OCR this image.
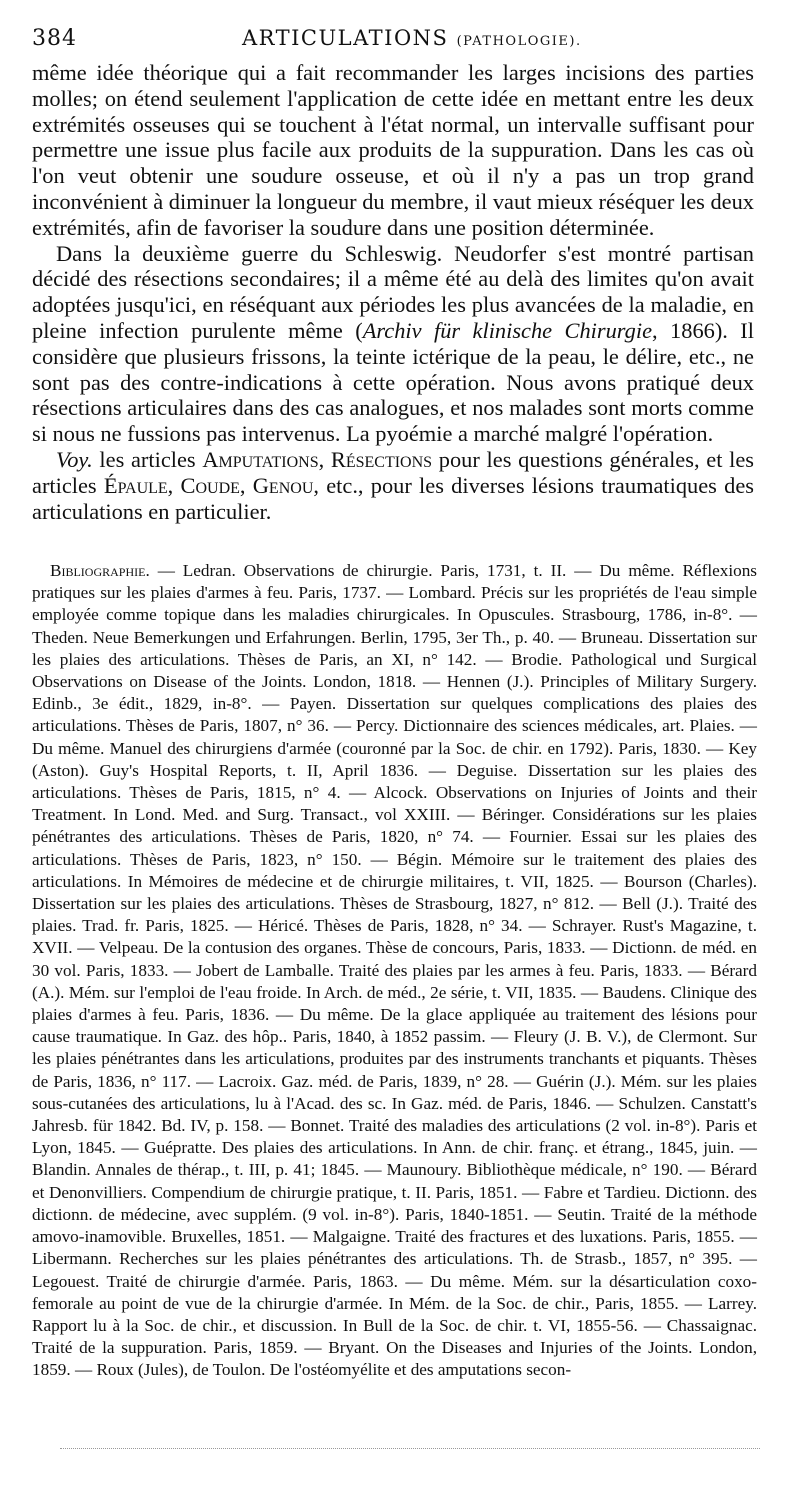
384	ARTICULATIONS (PATHOLOGIE).

même idée théorique qui a fait recommander les larges incisions des parties molles; on étend seulement l'application de cette idée en mettant entre les deux extrémités osseuses qui se touchent à l'état normal, un intervalle suffisant pour permettre une issue plus facile aux produits de la suppuration. Dans les cas où l'on veut obtenir une soudure osseuse, et où il n'y a pas un trop grand inconvénient à diminuer la longueur du membre, il vaut mieux réséquer les deux extrémités, afin de favoriser la soudure dans une position déterminée.

Dans la deuxième guerre du Schleswig. Neudorfer s'est montré partisan décidé des résections secondaires; il a même été au delà des limites qu'on avait adoptées jusqu'ici, en réséquant aux périodes les plus avancées de la maladie, en pleine infection purulente même (Archiv für klinische Chirurgie, 1866). Il considère que plusieurs frissons, la teinte ictérique de la peau, le délire, etc., ne sont pas des contre-indications à cette opération. Nous avons pratiqué deux résections articulaires dans des cas analogues, et nos malades sont morts comme si nous ne fussions pas intervenus. La pyoémie a marché malgré l'opération.

Voy. les articles Amputations, Résections pour les questions générales, et les articles Épaule, Coude, Genou, etc., pour les diverses lésions traumatiques des articulations en particulier.

Bibliographie. — Ledran. Observations de chirurgie. Paris, 1731, t. II. — Du même. Réflexions pratiques sur les plaies d'armes à feu. Paris, 1737. — Lombard. Précis sur les propriétés de l'eau simple employée comme topique dans les maladies chirurgicales. In Opuscules. Strasbourg, 1786, in-8°. — Theden. Neue Bemerkungen und Erfahrungen. Berlin, 1795, 3er Th., p. 40. — Bruneau. Dissertation sur les plaies des articulations. Thèses de Paris, an XI, n° 142. — Brodie. Pathological und Surgical Observations on Disease of the Joints. London, 1818. — Hennen (J.). Principles of Military Surgery. Edinb., 3e édit., 1829, in-8°. — Payen. Dissertation sur quelques complications des plaies des articulations. Thèses de Paris, 1807, n° 36. — Percy. Dictionnaire des sciences médicales, art. Plaies. — Du même. Manuel des chirurgiens d'armée (couronné par la Soc. de chir. en 1792). Paris, 1830. — Key (Aston). Guy's Hospital Reports, t. II, April 1836. — Deguise. Dissertation sur les plaies des articulations. Thèses de Paris, 1815, n° 4. — Alcock. Observations on Injuries of Joints and their Treatment. In Lond. Med. and Surg. Transact., vol XXIII. — Béringer. Considérations sur les plaies pénétrantes des articulations. Thèses de Paris, 1820, n° 74. — Fournier. Essai sur les plaies des articulations. Thèses de Paris, 1823, n° 150. — Bégin. Mémoire sur le traitement des plaies des articulations. In Mémoires de médecine et de chirurgie militaires, t. VII, 1825. — Bourson (Charles). Dissertation sur les plaies des articulations. Thèses de Strasbourg, 1827, n° 812. — Bell (J.). Traité des plaies. Trad. fr. Paris, 1825. — Héricé. Thèses de Paris, 1828, n° 34. — Schrayer. Rust's Magazine, t. XVII. — Velpeau. De la contusion des organes. Thèse de concours, Paris, 1833. — Dictionn. de méd. en 30 vol. Paris, 1833. — Jobert de Lamballe. Traité des plaies par les armes à feu. Paris, 1833. — Bérard (A.). Mém. sur l'emploi de l'eau froide. In Arch. de méd., 2e série, t. VII, 1835. — Baudens. Clinique des plaies d'armes à feu. Paris, 1836. — Du même. De la glace appliquée au traitement des lésions pour cause traumatique. In Gaz. des hôp.. Paris, 1840, à 1852 passim. — Fleury (J. B. V.), de Clermont. Sur les plaies pénétrantes dans les articulations, produites par des instruments tranchants et piquants. Thèses de Paris, 1836, n° 117. — Lacroix. Gaz. méd. de Paris, 1839, n° 28. — Guérin (J.). Mém. sur les plaies sous-cutanées des articulations, lu à l'Acad. des sc. In Gaz. méd. de Paris, 1846. — Schulzen. Canstatt's Jahresb. für 1842. Bd. IV, p. 158. — Bonnet. Traité des maladies des articulations (2 vol. in-8°). Paris et Lyon, 1845. — Guépratte. Des plaies des articulations. In Ann. de chir. franç. et étrang., 1845, juin. — Blandin. Annales de thérap., t. III, p. 41; 1845. — Maunoury. Bibliothèque médicale, n° 190. — Bérard et Denonvilliers. Compendium de chirurgie pratique, t. II. Paris, 1851. — Fabre et Tardieu. Dictionn. des dictionn. de médecine, avec supplém. (9 vol. in-8°). Paris, 1840-1851. — Seutin. Traité de la méthode amovo-inamovible. Bruxelles, 1851. — Malgaigne. Traité des fractures et des luxations. Paris, 1855. — Libermann. Recherches sur les plaies pénétrantes des articulations. Th. de Strasb., 1857, n° 395. — Legouest. Traité de chirurgie d'armée. Paris, 1863. — Du même. Mém. sur la désarticulation coxo-femorale au point de vue de la chirurgie d'armée. In Mém. de la Soc. de chir., Paris, 1855. — Larrey. Rapport lu à la Soc. de chir., et discussion. In Bull de la Soc. de chir. t. VI, 1855-56. — Chassaignac. Traité de la suppuration. Paris, 1859. — Bryant. On the Diseases and Injuries of the Joints. London, 1859. — Roux (Jules), de Toulon. De l'ostéomyélite et des amputations secon-
